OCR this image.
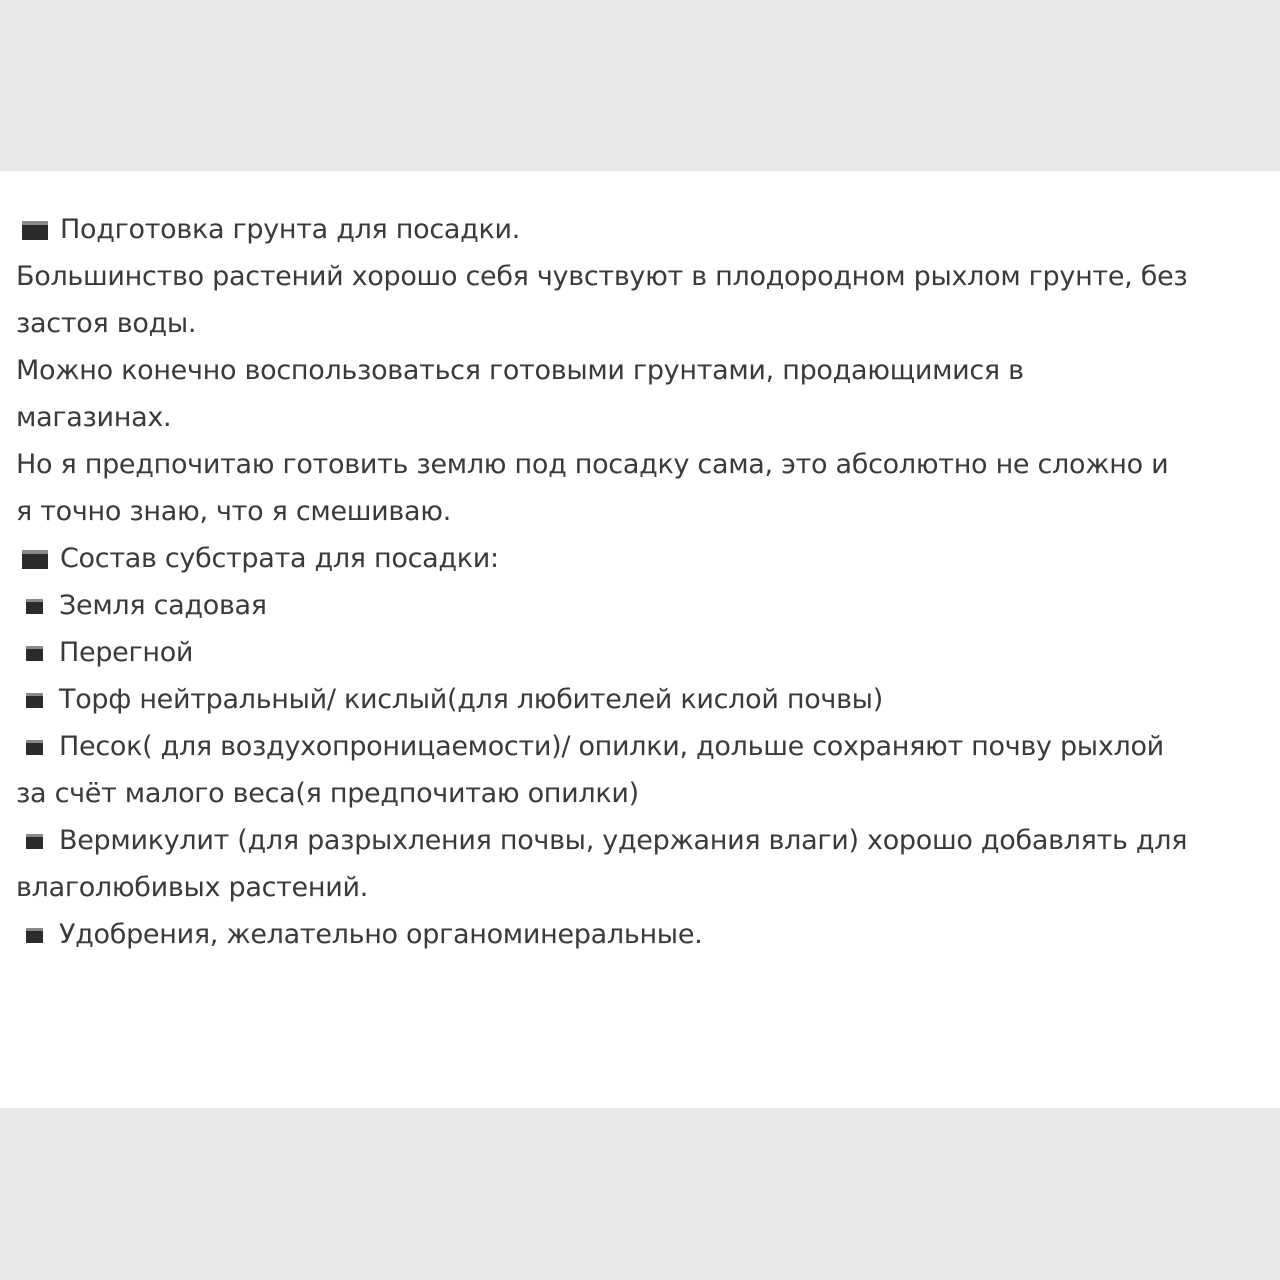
Подготовка грунта для посадки.
Большинство растений хорошо себя чувствуют в плодородном рыхлом грунте, без
застоя воды.
Можно конечно воспользоваться готовыми грунтами, продающимися в
магазинах.
Но я предпочитаю готовить землю под посадку сама, это абсолютно не сложно и
я точно знаю, что я смешиваю.
Состав субстрата для посадки:
Земля садовая
Перегной
Торф нейтральный/ кислый(для любителей кислой почвы)
Песок( для воздухопроницаемости)/ опилки, дольше сохраняют почву рыхлой
за счёт малого веса(я предпочитаю опилки)
Вермикулит (для разрыхления почвы, удержания влаги) хорошо добавлять для
влаголюбивых растений.
Удобрения, желательно органоминеральные.
